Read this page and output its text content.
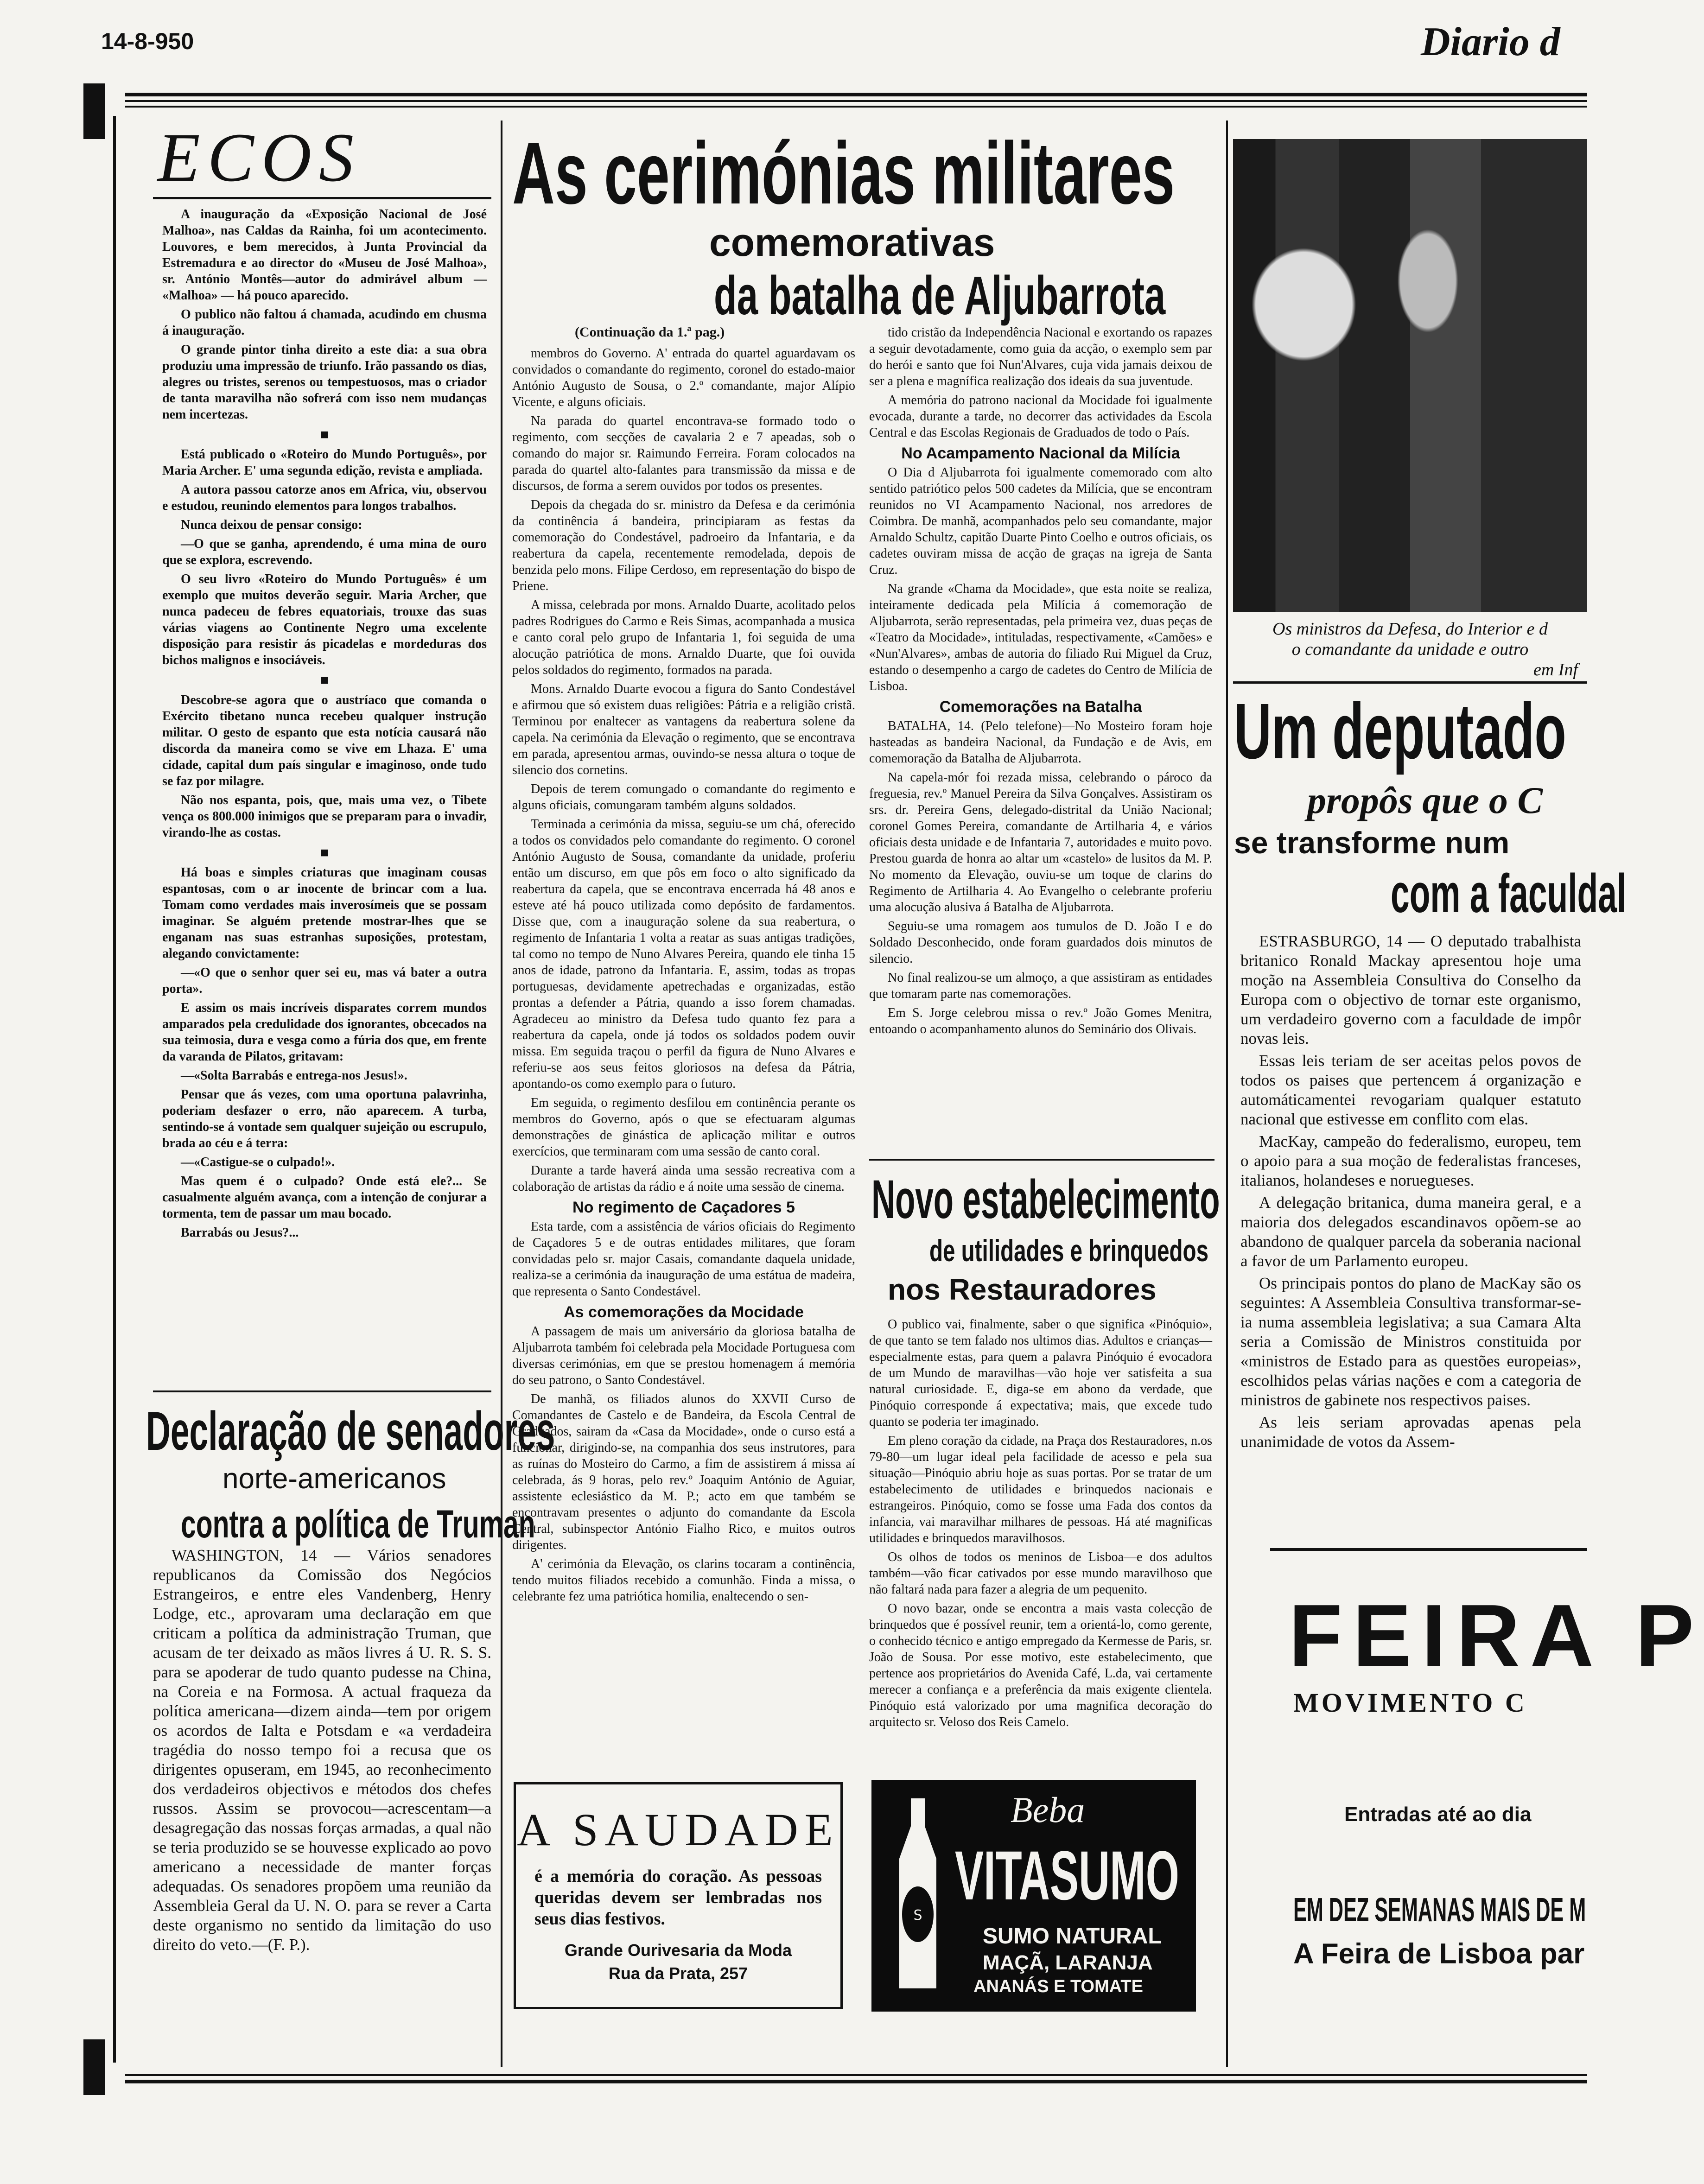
14-8-950	Diario d
ECOS

A inauguração da «Exposição Nacional de José Malhoa», nas Caldas da Rainha, foi um acontecimento. Louvores, e bem merecidos, à Junta Provincial da Estremadura e ao director do «Museu de José Malhoa», sr. António Montês—autor do admirável album — «Malhoa» — há pouco aparecido.

O publico não faltou á chamada, acudindo em chusma á inauguração.

O grande pintor tinha direito a este dia: a sua obra produziu uma impressão de triunfo. Irão passando os dias, alegres ou tristes, serenos ou tempestuosos, mas o criador de tanta maravilha não sofrerá com isso nem mudanças nem incertezas.

■

Está publicado o «Roteiro do Mundo Português», por Maria Archer. E' uma segunda edição, revista e ampliada.

A autora passou catorze anos em Africa, viu, observou e estudou, reunindo elementos para longos trabalhos.

Nunca deixou de pensar consigo:

—O que se ganha, aprendendo, é uma mina de ouro que se explora, escrevendo.

O seu livro «Roteiro do Mundo Português» é um exemplo que muitos deverão seguir. Maria Archer, que nunca padeceu de febres equatoriais, trouxe das suas várias viagens ao Continente Negro uma excelente disposição para resistir ás picadelas e mordeduras dos bichos malignos e insociáveis.

■

Descobre-se agora que o austríaco que comanda o Exército tibetano nunca recebeu qualquer instrução militar. O gesto de espanto que esta notícia causará não discorda da maneira como se vive em Lhaza. E' uma cidade, capital dum país singular e imaginoso, onde tudo se faz por milagre.

Não nos espanta, pois, que, mais uma vez, o Tibete vença os 800.000 inimigos que se preparam para o invadir, virando-lhe as costas.

■

Há boas e simples criaturas que imaginam cousas espantosas, com o ar inocente de brincar com a lua. Tomam como verdades mais inverosímeis que se possam imaginar. Se alguém pretende mostrar-lhes que se enganam nas suas estranhas suposições, protestam, alegando convictamente:

—«O que o senhor quer sei eu, mas vá bater a outra porta».

E assim os mais incríveis disparates correm mundos amparados pela credulidade dos ignorantes, obcecados na sua teimosia, dura e vesga como a fúria dos que, em frente da varanda de Pilatos, gritavam:

—«Solta Barrabás e entrega-nos Jesus!».

Pensar que ás vezes, com uma oportuna palavrinha, poderiam desfazer o erro, não aparecem. A turba, sentindo-se á vontade sem qualquer sujeição ou escrupulo, brada ao céu e á terra:

—«Castigue-se o culpado!».

Mas quem é o culpado? Onde está ele?... Se casualmente alguém avança, com a intenção de conjurar a tormenta, tem de passar um mau bocado.

Barrabás ou Jesus?...

Declaração de senadores
norte-americanos
contra a política de Truman

WASHINGTON, 14 — Vários senadores republicanos da Comissão dos Negócios Estrangeiros, e entre eles Vandenberg, Henry Lodge, etc., aprovaram uma declaração em que criticam a política da administração Truman, que acusam de ter deixado as mãos livres á U. R. S. S. para se apoderar de tudo quanto pudesse na China, na Coreia e na Formosa. A actual fraqueza da política americana—dizem ainda—tem por origem os acordos de Ialta e Potsdam e «a verdadeira tragédia do nosso tempo foi a recusa que os dirigentes opuseram, em 1945, ao reconhecimento dos verdadeiros objectivos e métodos dos chefes russos. Assim se provocou—acrescentam—a desagregação das nossas forças armadas, a qual não se teria produzido se se houvesse explicado ao povo americano a necessidade de manter forças adequadas. Os senadores propõem uma reunião da Assembleia Geral da U. N. O. para se rever a Carta deste organismo no sentido da limitação do uso direito do veto.—(F. P.).

As cerimónias militares
comemorativas
da batalha de Aljubarrota
(Continuação da 1.ª pag.)

membros do Governo. A' entrada do quartel aguardavam os convidados o comandante do regimento, coronel do estado-maior António Augusto de Sousa, o 2.º comandante, major Alípio Vicente, e alguns oficiais.

Na parada do quartel encontrava-se formado todo o regimento, com secções de cavalaria 2 e 7 apeadas, sob o comando do major sr. Raimundo Ferreira. Foram colocados na parada do quartel alto-falantes para transmissão da missa e de discursos, de forma a serem ouvidos por todos os presentes.

Depois da chegada do sr. ministro da Defesa e da cerimónia da continência á bandeira, principiaram as festas da comemoração do Condestável, padroeiro da Infantaria, e da reabertura da capela, recentemente remodelada, depois de benzida pelo mons. Filipe Cerdoso, em representação do bispo de Priene.

A missa, celebrada por mons. Arnaldo Duarte, acolitado pelos padres Rodrigues do Carmo e Reis Simas, acompanhada a musica e canto coral pelo grupo de Infantaria 1, foi seguida de uma alocução patriótica de mons. Arnaldo Duarte, que foi ouvida pelos soldados do regimento, formados na parada.

Mons. Arnaldo Duarte evocou a figura do Santo Condestável e afirmou que só existem duas religiões: Pátria e a religião cristã. Terminou por enaltecer as vantagens da reabertura solene da capela. Na cerimónia da Elevação o regimento, que se encontrava em parada, apresentou armas, ouvindo-se nessa altura o toque de silencio dos cornetins.

Depois de terem comungado o comandante do regimento e alguns oficiais, comungaram também alguns soldados.

Terminada a cerimónia da missa, seguiu-se um chá, oferecido a todos os convidados pelo comandante do regimento. O coronel António Augusto de Sousa, comandante da unidade, proferiu então um discurso, em que pôs em foco o alto significado da reabertura da capela, que se encontrava encerrada há 48 anos e esteve até há pouco utilizada como depósito de fardamentos. Disse que, com a inauguração solene da sua reabertura, o regimento de Infantaria 1 volta a reatar as suas antigas tradições, tal como no tempo de Nuno Alvares Pereira, quando ele tinha 15 anos de idade, patrono da Infantaria. E, assim, todas as tropas portuguesas, devidamente apetrechadas e organizadas, estão prontas a defender a Pátria, quando a isso forem chamadas. Agradeceu ao ministro da Defesa tudo quanto fez para a reabertura da capela, onde já todos os soldados podem ouvir missa. Em seguida traçou o perfil da figura de Nuno Alvares e referiu-se aos seus feitos gloriosos na defesa da Pátria, apontando-os como exemplo para o futuro.

Em seguida, o regimento desfilou em continência perante os membros do Governo, após o que se efectuaram algumas demonstrações de ginástica de aplicação militar e outros exercícios, que terminaram com uma sessão de canto coral.

Durante a tarde haverá ainda uma sessão recreativa com a colaboração de artistas da rádio e á noite uma sessão de cinema.

No regimento de Caçadores 5

Esta tarde, com a assistência de vários oficiais do Regimento de Caçadores 5 e de outras entidades militares, que foram convidadas pelo sr. major Casais, comandante daquela unidade, realiza-se a cerimónia da inauguração de uma estátua de madeira, que representa o Santo Condestável.

As comemorações da Mocidade

A passagem de mais um aniversário da gloriosa batalha de Aljubarrota também foi celebrada pela Mocidade Portuguesa com diversas cerimónias, em que se prestou homenagem á memória do seu patrono, o Santo Condestável.

De manhã, os filiados alunos do XXVII Curso de Comandantes de Castelo e de Bandeira, da Escola Central de Graduados, sairam da «Casa da Mocidade», onde o curso está a funcionar, dirigindo-se, na companhia dos seus instrutores, para as ruínas do Mosteiro do Carmo, a fim de assistirem á missa aí celebrada, ás 9 horas, pelo rev.º Joaquim António de Aguiar, assistente eclesiástico da M. P.; acto em que também se encontravam presentes o adjunto do comandante da Escola Central, subinspector António Fialho Rico, e muitos outros dirigentes.

A' cerimónia da Elevação, os clarins tocaram a continência, tendo muitos filiados recebido a comunhão. Finda a missa, o celebrante fez uma patriótica homilia, enaltecendo o sen-

tido cristão da Independência Nacional e exortando os rapazes a seguir devotadamente, como guia da acção, o exemplo sem par do herói e santo que foi Nun'Alvares, cuja vida jamais deixou de ser a plena e magnífica realização dos ideais da sua juventude.

A memória do patrono nacional da Mocidade foi igualmente evocada, durante a tarde, no decorrer das actividades da Escola Central e das Escolas Regionais de Graduados de todo o País.

No Acampamento Nacional da Milícia

O Dia d Aljubarrota foi igualmente comemorado com alto sentido patriótico pelos 500 cadetes da Milícia, que se encontram reunidos no VI Acampamento Nacional, nos arredores de Coimbra. De manhã, acompanhados pelo seu comandante, major Arnaldo Schultz, capitão Duarte Pinto Coelho e outros oficiais, os cadetes ouviram missa de acção de graças na igreja de Santa Cruz.

Na grande «Chama da Mocidade», que esta noite se realiza, inteiramente dedicada pela Milícia á comemoração de Aljubarrota, serão representadas, pela primeira vez, duas peças de «Teatro da Mocidade», intituladas, respectivamente, «Camões» e «Nun'Alvares», ambas de autoria do filiado Rui Miguel da Cruz, estando o desempenho a cargo de cadetes do Centro de Milícia de Lisboa.

Comemorações na Batalha

BATALHA, 14. (Pelo telefone)—No Mosteiro foram hoje hasteadas as bandeira Nacional, da Fundação e de Avis, em comemoração da Batalha de Aljubarrota.

Na capela-mór foi rezada missa, celebrando o pároco da freguesia, rev.º Manuel Pereira da Silva Gonçalves. Assistiram os srs. dr. Pereira Gens, delegado-distrital da União Nacional; coronel Gomes Pereira, comandante de Artilharia 4, e vários oficiais desta unidade e de Infantaria 7, autoridades e muito povo. Prestou guarda de honra ao altar um «castelo» de lusitos da M. P. No momento da Elevação, ouviu-se um toque de clarins do Regimento de Artilharia 4. Ao Evangelho o celebrante proferiu uma alocução alusiva á Batalha de Aljubarrota.

Seguiu-se uma romagem aos tumulos de D. João I e do Soldado Desconhecido, onde foram guardados dois minutos de silencio.

No final realizou-se um almoço, a que assistiram as entidades que tomaram parte nas comemorações.

Em S. Jorge celebrou missa o rev.º João Gomes Menitra, entoando o acompanhamento alunos do Seminário dos Olivais.

Novo estabelecimento
de utilidades e brinquedos
nos Restauradores

O publico vai, finalmente, saber o que significa «Pinóquio», de que tanto se tem falado nos ultimos dias. Adultos e crianças—especialmente estas, para quem a palavra Pinóquio é evocadora de um Mundo de maravilhas—vão hoje ver satisfeita a sua natural curiosidade. E, diga-se em abono da verdade, que Pinóquio corresponde á expectativa; mais, que excede tudo quanto se poderia ter imaginado.

Em pleno coração da cidade, na Praça dos Restauradores, n.os 79-80—um lugar ideal pela facilidade de acesso e pela sua situação—Pinóquio abriu hoje as suas portas. Por se tratar de um estabelecimento de utilidades e brinquedos nacionais e estrangeiros. Pinóquio, como se fosse uma Fada dos contos da infancia, vai maravilhar milhares de pessoas. Há até magnificas utilidades e brinquedos maravilhosos.

Os olhos de todos os meninos de Lisboa—e dos adultos também—vão ficar cativados por esse mundo maravilhoso que não faltará nada para fazer a alegria de um pequenito.

O novo bazar, onde se encontra a mais vasta colecção de brinquedos que é possível reunir, tem a orientá-lo, como gerente, o conhecido técnico e antigo empregado da Kermesse de Paris, sr. João de Sousa. Por esse motivo, este estabelecimento, que pertence aos proprietários do Avenida Café, L.da, vai certamente merecer a confiança e a preferência da mais exigente clientela. Pinóquio está valorizado por uma magnifica decoração do arquitecto sr. Veloso dos Reis Camelo.

A SAUDADE
é a memória do coração. As pessoas queridas devem ser lembradas nos seus dias festivos.
Grande Ourivesaria da Moda
Rua da Prata, 257
S
Beba
VITASUMO
SUMO NATURAL
MAÇÃ, LARANJA
ANANÁS E TOMATE
Os ministros da Defesa, do Interior e d
o comandante da unidade e outro
em Inf
Um deputado
propôs que o C
se transforme num
com a faculdal

ESTRASBURGO, 14 — O deputado trabalhista britanico Ronald Mackay apresentou hoje uma moção na Assembleia Consultiva do Conselho da Europa com o objectivo de tornar este organismo, um verdadeiro governo com a faculdade de impôr novas leis.

Essas leis teriam de ser aceitas pelos povos de todos os paises que pertencem á organização e automáticamentei revogariam qualquer estatuto nacional que estivesse em conflito com elas.

MacKay, campeão do federalismo, europeu, tem o apoio para a sua moção de federalistas franceses, italianos, holandeses e noruegueses.

A delegação britanica, duma maneira geral, e a maioria dos delegados escandinavos opõem-se ao abandono de qualquer parcela da soberania nacional a favor de um Parlamento europeu.

Os principais pontos do plano de MacKay são os seguintes: A Assembleia Consultiva transformar-se-ia numa assembleia legislativa; a sua Camara Alta seria a Comissão de Ministros constituida por «ministros de Estado para as questões europeias», escolhidos pelas várias nações e com a categoria de ministros de gabinete nos respectivos paises.

As leis seriam aprovadas apenas pela unanimidade de votos da Assem-

FEIRA P
MOVIMENTO C
Entradas até ao dia
EM DEZ SEMANAS MAIS DE M
A Feira de Lisboa par
